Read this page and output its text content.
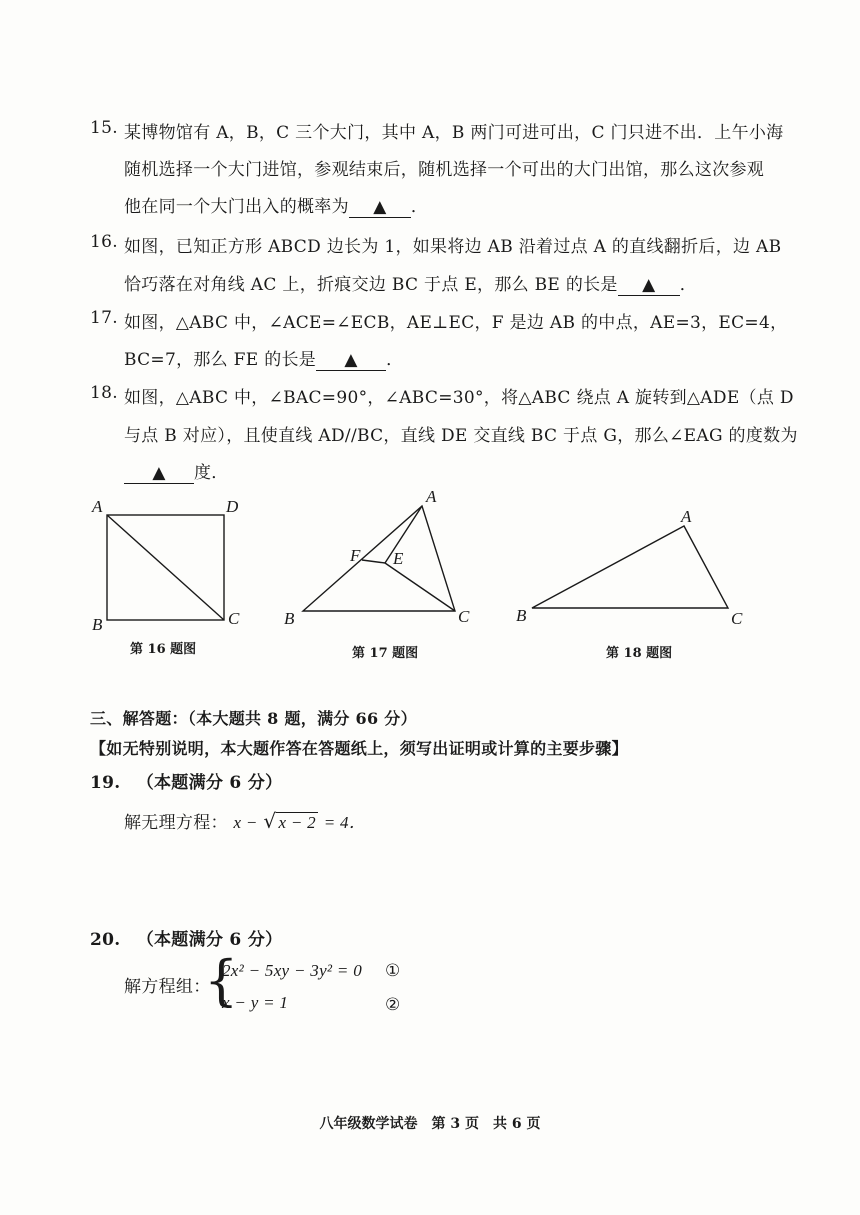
15. 某博物馆有 A，B，C 三个大门，其中 A，B 两门可进可出，C 门只进不出．上午小海
随机选择一个大门进馆，参观结束后，随机选择一个可出的大门出馆，那么这次参观
他在同一个大门出入的概率为 ▲ ．
16. 如图，已知正方形 ABCD 边长为 1，如果将边 AB 沿着过点 A 的直线翻折后，边 AB
恰巧落在对角线 AC 上，折痕交边 BC 于点 E，那么 BE 的长是 ▲ ．
17. 如图，△ABC 中，∠ACE=∠ECB，AE⊥EC，F 是边 AB 的中点，AE=3，EC=4，
BC=7，那么 FE 的长是 ▲ ．
18. 如图，△ABC 中，∠BAC=90°，∠ABC=30°，将△ABC 绕点 A 旋转到△ADE（点 D
与点 B 对应），且使直线 AD//BC，直线 DE 交直线 BC 于点 G，那么∠EAG 的度数为
▲ 度．
A	D
B	C
A
B	C
E
F
A
B	C
第 16 题图	第 17 题图	第 18 题图
三、解答题：（本大题共 8 题，满分 66 分）
【如无特别说明，本大题作答在答题纸上，须写出证明或计算的主要步骤】
19. （本题满分 6 分）
解无理方程： x − √ x − 2 = 4．
20. （本题满分 6 分）
解方程组：
{
2x² − 5xy − 3y² = 0 ①
x − y = 1	②
八年级数学试卷　第 3 页　共 6 页
